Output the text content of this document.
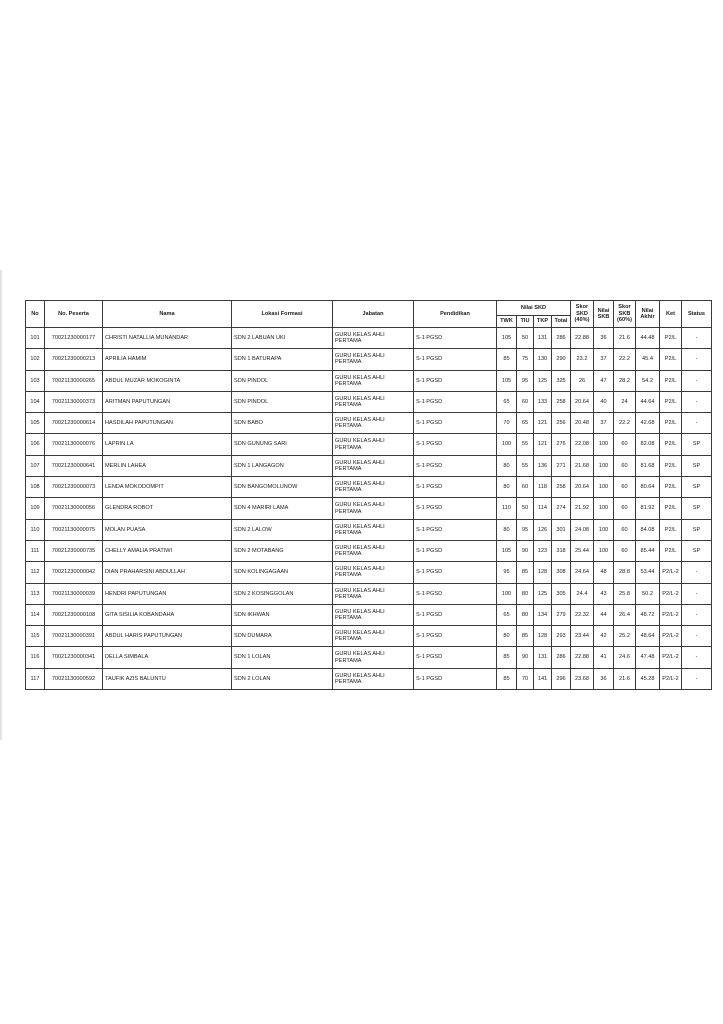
No	No. Peserta	Nama	Lokasi Formasi	Jabatan	Pendidikan	Nilai SKD				Skor SKD (40%)	Nilai SKB	Skor SKB (60%)	Nilai Akhir	Ket	Status
						TWK	TIU	TKP	Total						
101	70021230000177	CHRISTI NATALLIA MUNANDAR	SDN 2 LABUAN UKI	GURU KELAS AHLI PERTAMA	S-1 PGSD	105	50	131	286	22.88	36	21.6	44.48	P2/L	-
102	70021230000213	APRILIA HAMIM	SDN 1 BATURAPA	GURU KELAS AHLI PERTAMA	S-1 PGSD	85	75	130	290	23.2	37	22.2	45.4	P2/L	-
103	70021130000265	ABDUL MUZAR MOKOGINTA	SDN PINDOL	GURU KELAS AHLI PERTAMA	S-1 PGSD	105	95	125	325	26	47	28.2	54.2	P2/L	-
104	70021130000373	ARITMAN PAPUTUNGAN	SDN PINDOL	GURU KELAS AHLI PERTAMA	S-1 PGSD	65	60	133	258	20.64	40	24	44.64	P2/L	-
105	70021230000614	HASDILAH PAPUTUNGAN	SDN BABO	GURU KELAS AHLI PERTAMA	S-1 PGSD	70	65	121	256	20.48	37	22.2	42.68	P2/L	-
106	70021130000076	LAPRIN LA	SDN GUNUNG SARI	GURU KELAS AHLI PERTAMA	S-1 PGSD	100	55	121	276	22.08	100	60	82.08	P2/L	SP
107	70021230000641	MERLIN LAHEA	SDN 1 LANGAGON	GURU KELAS AHLI PERTAMA	S-1 PGSD	80	55	136	271	21.68	100	60	81.68	P2/L	SP
108	70021230000073	LENDA MOKODOMPIT	SDN BANGOMOLUNOW	GURU KELAS AHLI PERTAMA	S-1 PGSD	80	60	118	258	20.64	100	60	80.64	P2/L	SP
109	70021130000056	GLENDRA ROBOT	SDN 4 MARIRI LAMA	GURU KELAS AHLI PERTAMA	S-1 PGSD	110	50	114	274	21.92	100	60	81.92	P2/L	SP
110	70021130000075	MOLAN PUASA	SDN 2 LALOW	GURU KELAS AHLI PERTAMA	S-1 PGSD	80	95	126	301	24.08	100	60	84.08	P2/L	SP
111	70021230000735	CHELLY AMALIA PRATIWI	SDN 2 MOTABANG	GURU KELAS AHLI PERTAMA	S-1 PGSD	105	90	123	318	25.44	100	60	85.44	P2/L	SP
112	70021230000042	DIAN PRAHARSINI ABDULLAH	SDN KOLINGAGAAN	GURU KELAS AHLI PERTAMA	S-1 PGSD	95	85	128	308	24.64	48	28.8	53.44	P2/L-2	-
113	70021130000039	HENDRI PAPUTUNGAN	SDN 2 KOSINGGOLAN	GURU KELAS AHLI PERTAMA	S-1 PGSD	100	80	125	305	24.4	43	25.8	50.2	P2/L-2	-
114	70021230000108	GITA SISILIA KOBANDAHA	SDN IKHWAN	GURU KELAS AHLI PERTAMA	S-1 PGSD	65	80	134	279	22.32	44	26.4	48.72	P2/L-2	-
115	70021130000391	ABDUL HARIS PAPUTUNGAN	SDN DUMARA	GURU KELAS AHLI PERTAMA	S-1 PGSD	80	85	128	293	23.44	42	25.2	48.64	P2/L-2	-
116	70021230000341	DELLA SIMBALA	SDN 1 LOLAN	GURU KELAS AHLI PERTAMA	S-1 PGSD	85	90	131	286	22.88	41	24.6	47.48	P2/L-2	-
117	70021130000592	TAUFIK AZIS BALUNTU	SDN 2 LOLAN	GURU KELAS AHLI PERTAMA	S-1 PGSD	85	70	141	296	23.68	36	21.6	45.28	P2/L-2	-
